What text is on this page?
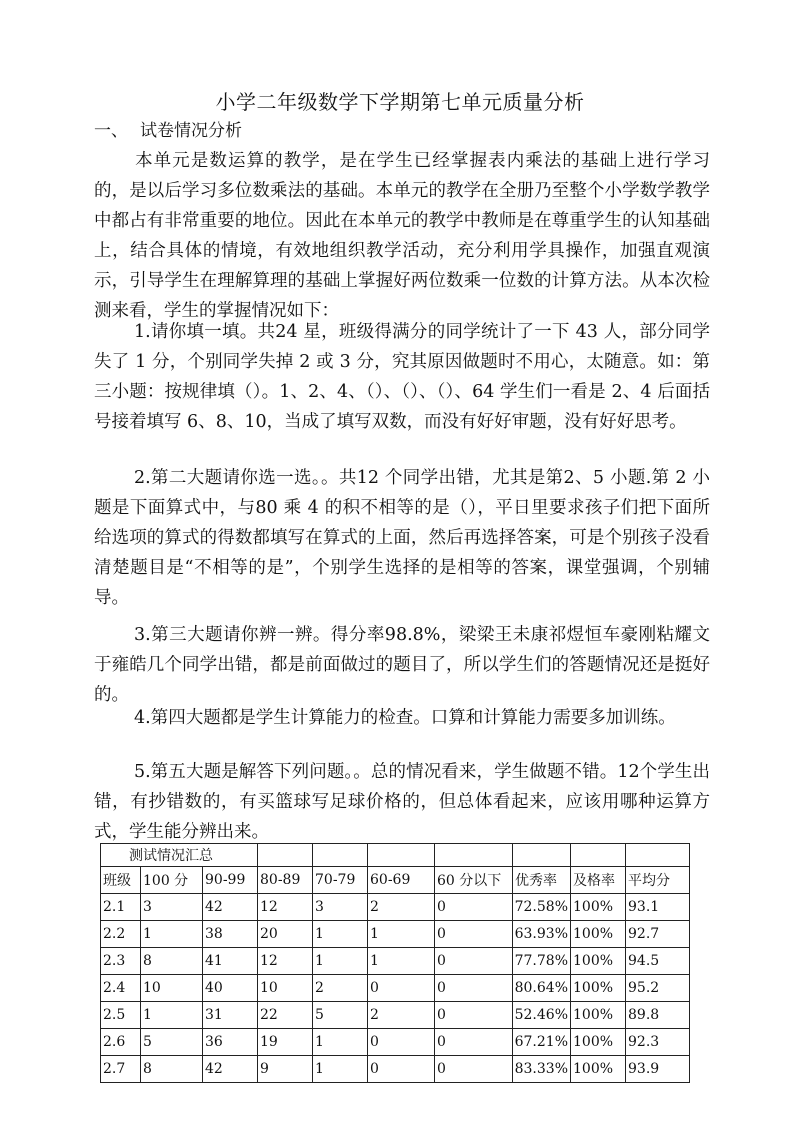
小学二年级数学下学期第七单元质量分析
一、 试卷情况分析
本单元是数运算的教学，是在学生已经掌握表内乘法的基础上进行学习的，是以后学习多位数乘法的基础。本单元的教学在全册乃至整个小学数学教学中都占有非常重要的地位。因此在本单元的教学中教师是在尊重学生的认知基础上，结合具体的情境，有效地组织教学活动，充分利用学具操作，加强直观演示，引导学生在理解算理的基础上掌握好两位数乘一位数的计算方法。从本次检测来看，学生的掌握情况如下：
1.请你填一填。共24 星，班级得满分的同学统计了一下 43 人，部分同学失了 1 分，个别同学失掉 2 或 3 分，究其原因做题时不用心，太随意。如：第三小题：按规律填（）。1、2、4、（）、（）、（）、64 学生们一看是 2、4 后面括号接着填写 6、8、10，当成了填写双数，而没有好好审题，没有好好思考。
2.第二大题请你选一选。。共12 个同学出错，尤其是第2、5 小题.第 2 小题是下面算式中，与80 乘 4 的积不相等的是（），平日里要求孩子们把下面所给选项的算式的得数都填写在算式的上面，然后再选择答案，可是个别孩子没看清楚题目是“不相等的是”，个别学生选择的是相等的答案，课堂强调，个别辅导。
3.第三大题请你辨一辨。得分率98.8%，梁梁王未康祁煜恒车豪刚粘耀文于雍皓几个同学出错，都是前面做过的题目了，所以学生们的答题情况还是挺好的。
4.第四大题都是学生计算能力的检查。口算和计算能力需要多加训练。
5.第五大题是解答下列问题。。总的情况看来，学生做题不错。12个学生出错，有抄错数的，有买篮球写足球价格的，但总体看起来，应该用哪种运算方式，学生能分辨出来。
测试情况汇总									
班级	100 分	90-99	80-89	70-79	60-69	60 分以下	优秀率	及格率	平均分
2.1	3	42	12	3	2	0	72.58%	100%	93.1
2.2	1	38	20	1	1	0	63.93%	100%	92.7
2.3	8	41	12	1	1	0	77.78%	100%	94.5
2.4	10	40	10	2	0	0	80.64%	100%	95.2
2.5	1	31	22	5	2	0	52.46%	100%	89.8
2.6	5	36	19	1	0	0	67.21%	100%	92.3
2.7	8	42	9	1	0	0	83.33%	100%	93.9
